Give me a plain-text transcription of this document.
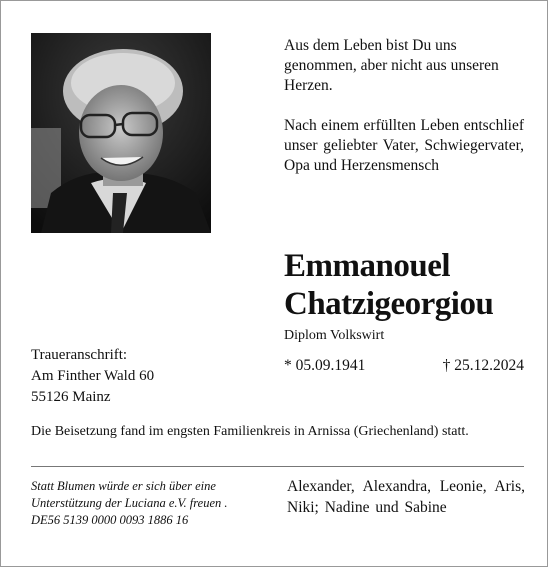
Aus dem Leben bist Du uns genommen, aber nicht aus unseren Herzen.

Nach einem erfüllten Leben entschlief unser geliebter Vater, Schwiegervater, Opa und Herzensmensch

Emmanouel
Chatzigeorgiou
Diplom Volkswirt
* 05.09.1941	† 25.12.2024
Traueranschrift:
Am Finther Wald 60
55126 Mainz
Die Beisetzung fand im engsten Familienkreis in Arnissa (Griechenland) statt.
Statt Blumen würde er sich über eine
Unterstützung der Luciana e.V. freuen .
DE56 5139 0000 0093 1886 16
Alexander, Alexandra, Leonie, Aris, Niki; Nadine und Sabine
